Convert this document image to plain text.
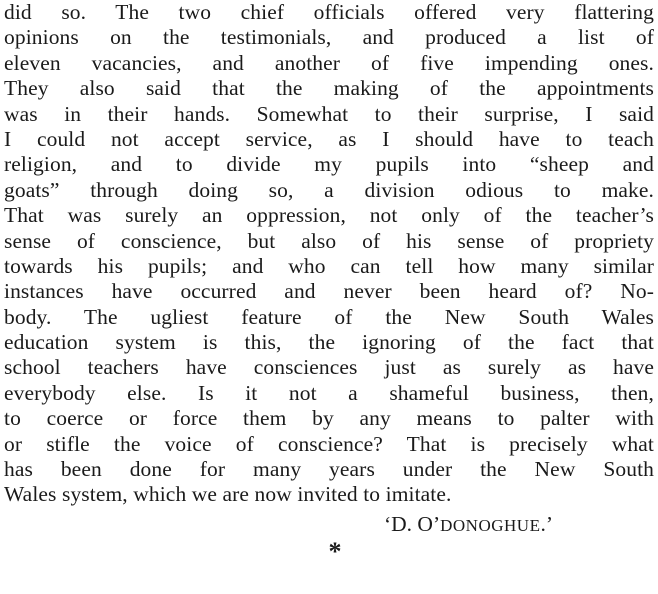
did so. The two chief officials offered very flattering
opinions on the testimonials, and produced a list of
eleven vacancies, and another of five impending ones.
They also said that the making of the appointments
was in their hands. Somewhat to their surprise, I said
I could not accept service, as I should have to teach
religion, and to divide my pupils into “sheep and
goats” through doing so, a division odious to make.
That was surely an oppression, not only of the teacher’s
sense of conscience, but also of his sense of propriety
towards his pupils; and who can tell how many similar
instances have occurred and never been heard of? No-
body. The ugliest feature of the New South Wales
education system is this, the ignoring of the fact that
school teachers have consciences just as surely as have
everybody else. Is it not a shameful business, then,
to coerce or force them by any means to palter with
or stifle the voice of conscience? That is precisely what
has been done for many years under the New South
Wales system, which we are now invited to imitate.
‘D. O’DONOGHUE.’
*
